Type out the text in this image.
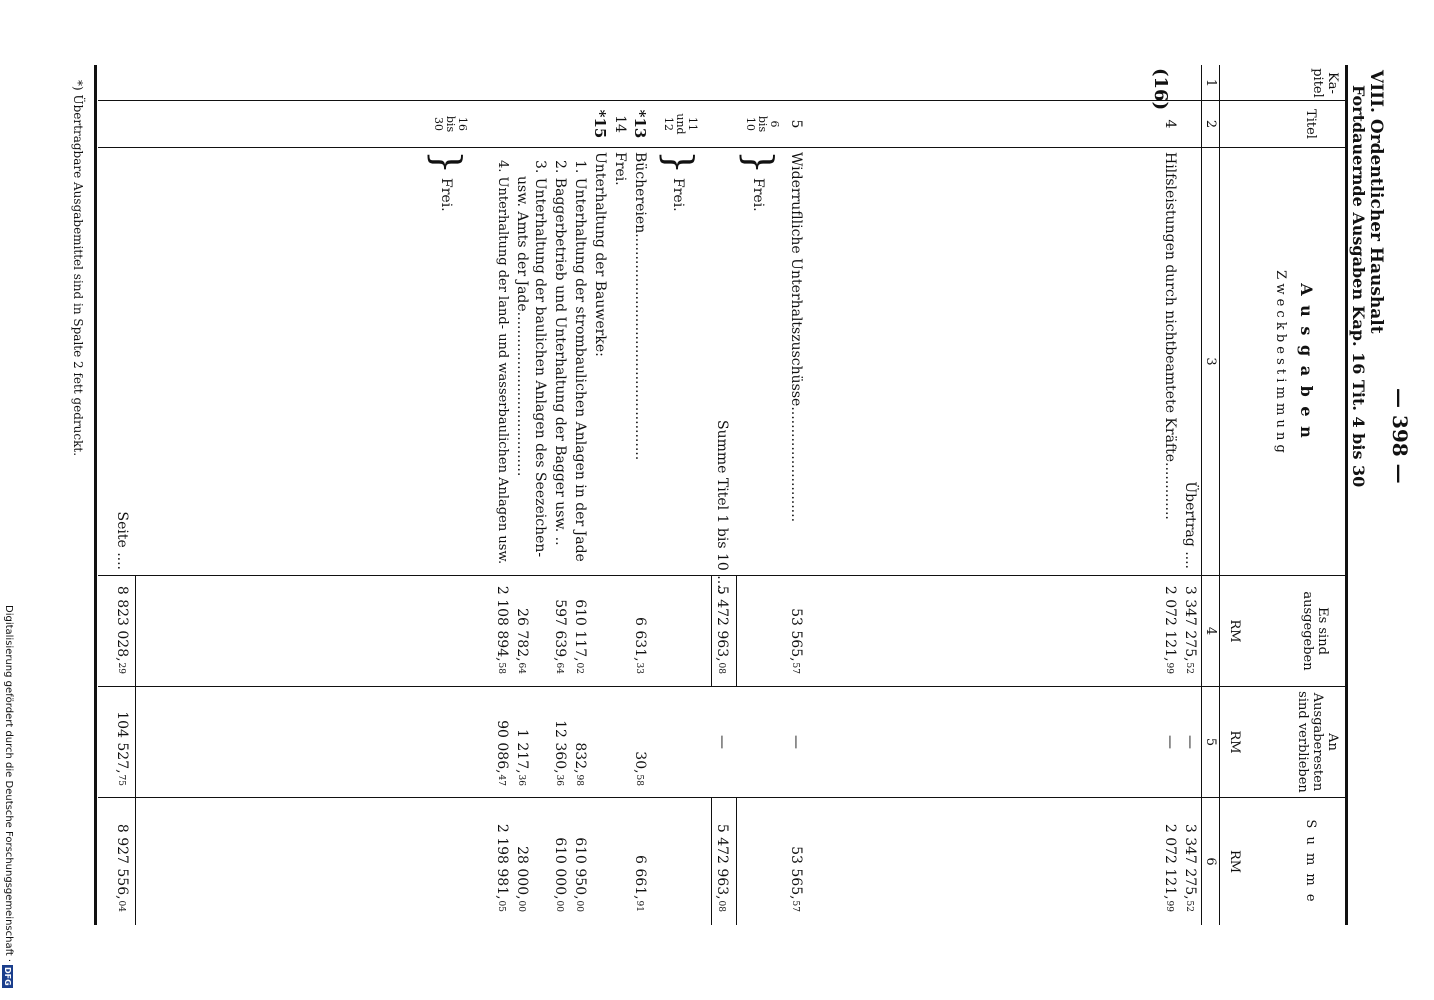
— 398 —
VIII. Ordentlicher Haushalt
Fortdauernde Ausgaben Kap. 16 Tit. 4 bis 30
Ka-
pitel
Titel
A u s g a b e n
Z w e c k b e s t i m m u n g
Es sind
ausgegeben
An
Ausgaberesten
sind verblieben
S u m m e
RM
RM
RM
1
2
3
4
5
6
Übertrag ....
3 347 275,52
—
3 347 275,52
(16)
4
Hilfsleistungen durch nichtbeamtete Kräfte.............
2 072 121,99
—
2 072 121,99
5
Widerruflliche Unterhaltszuschüsse..........................
53 565,57
—
53 565,57
6
bis
10
}
Frei.
Summe Titel 1 bis 10 ....
5 472 963,08
—
5 472 963,08
11
und
12
}
Frei.
*13
Büchereien...................................................
6 631,33
30,58
6 661,91
14
Frei.
*15
Unterhaltung der Bauwerke:
1. Unterhaltung der strombaulichen Anlagen in der Jade
610 117,02
832,98
610 950,00
2. Baggerbetrieb und Unterhaltung der Bagger usw. ..
597 639,64
12 360,36
610 000,00
3. Unterhaltung der baulichen Anlagen des Seezeichen-
usw. Amts der Jade.....................................
26 782,64
1 217,36
28 000,00
4. Unterhaltung der land- und wasserbaulichen Anlagen usw.
2 108 894,58
90 086,47
2 198 981,05
16
bis
30
}
Frei.
Seite ....
8 823 028,29
104 527,75
8 927 556,04
*) Übertragbare Ausgabemittel sind in Spalte 2 fett gedruckt.
Digitalisierung gefördert durch die Deutsche Forschungsgemeinschaft
·
DFG
